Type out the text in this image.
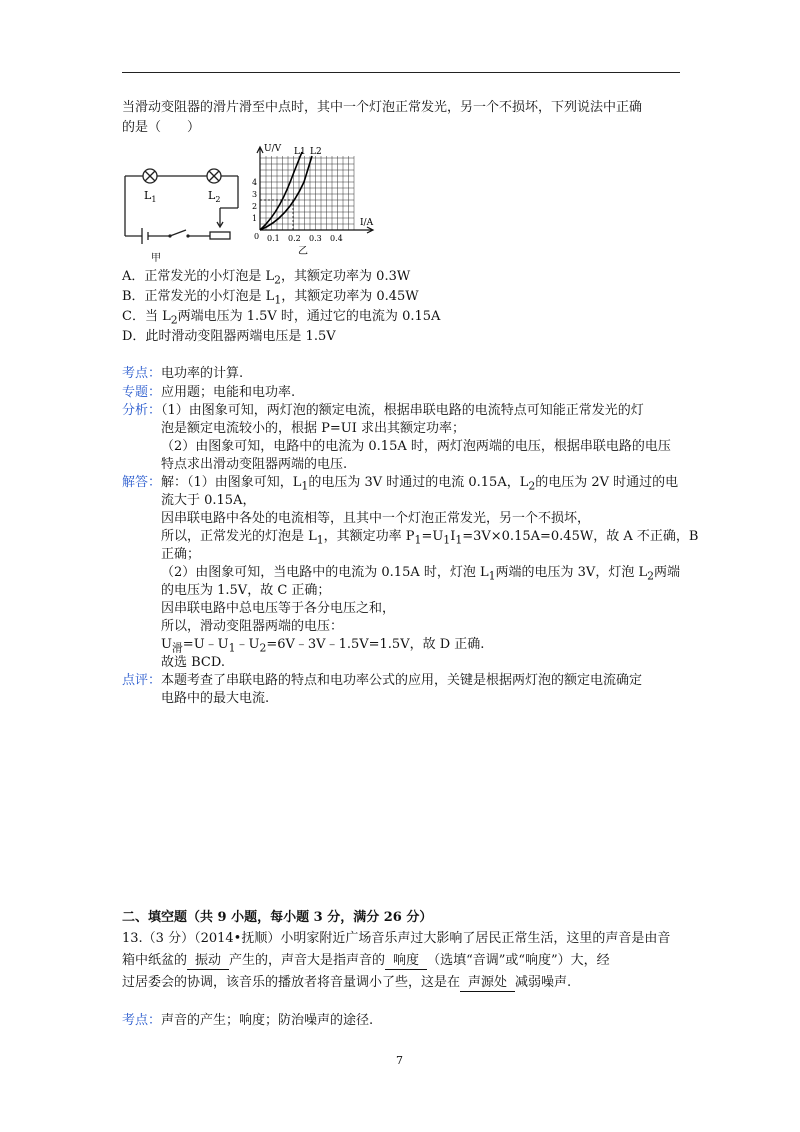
当滑动变阻器的滑片滑至中点时，其中一个灯泡正常发光，另一个不损坏，下列说法中正确
的是（　　）
$L_1$	$L_2$
甲
U/V L1 L2
I/A
1
2
3
4
0 0.1 0.2 0.3 0.4
乙
A．正常发光的小灯泡是 $L_2$，其额定功率为 0.3W
B．正常发光的小灯泡是 $L_1$，其额定功率为 0.45W
C．当 $L_2$两端电压为 1.5V 时，通过它的电流为 0.15A
D．此时滑动变阻器两端电压是 1.5V
考点：电功率的计算.
专题：应用题；电能和电功率.
分析：（1）由图象可知，两灯泡的额定电流，根据串联电路的电流特点可知能正常发光的灯
泡是额定电流较小的，根据 P=UI 求出其额定功率；
（2）由图象可知，电路中的电流为 0.15A 时，两灯泡两端的电压，根据串联电路的电压
特点求出滑动变阻器两端的电压.
解答：解：（1）由图象可知，$L_1$的电压为 3V 时通过的电流 0.15A，$L_2$的电压为 2V 时通过的电
流大于 0.15A，
因串联电路中各处的电流相等，且其中一个灯泡正常发光，另一个不损坏，
所以，正常发光的灯泡是 $L_1$，其额定功率 $P_1=U_1I_1=3V\times 0.15A=0.45W$，故 A 不正确，B
正确；
（2）由图象可知，当电路中的电流为 0.15A 时，灯泡 $L_1$两端的电压为 3V，灯泡 $L_2$两端
的电压为 1.5V，故 C 正确；
因串联电路中总电压等于各分电压之和，
所以，滑动变阻器两端的电压：
$U_滑=U﹣U_1﹣U_2=6V﹣3V﹣1.5V=1.5V$，故 D 正确.
故选 BCD.
点评：本题考查了串联电路的特点和电功率公式的应用，关键是根据两灯泡的额定电流确定
电路中的最大电流.
二、填空题（共 9 小题，每小题 3 分，满分 26 分）
13.（3 分）（2014•抚顺）小明家附近广场音乐声过大影响了居民正常生活，这里的声音是由音
箱中纸盆的 振动 产生的，声音大是指声音的 响度 （选填“音调”或“响度”）大，经
过居委会的协调，该音乐的播放者将音量调小了些，这是在 声源处 减弱噪声.
考点：声音的产生；响度；防治噪声的途径.
7
